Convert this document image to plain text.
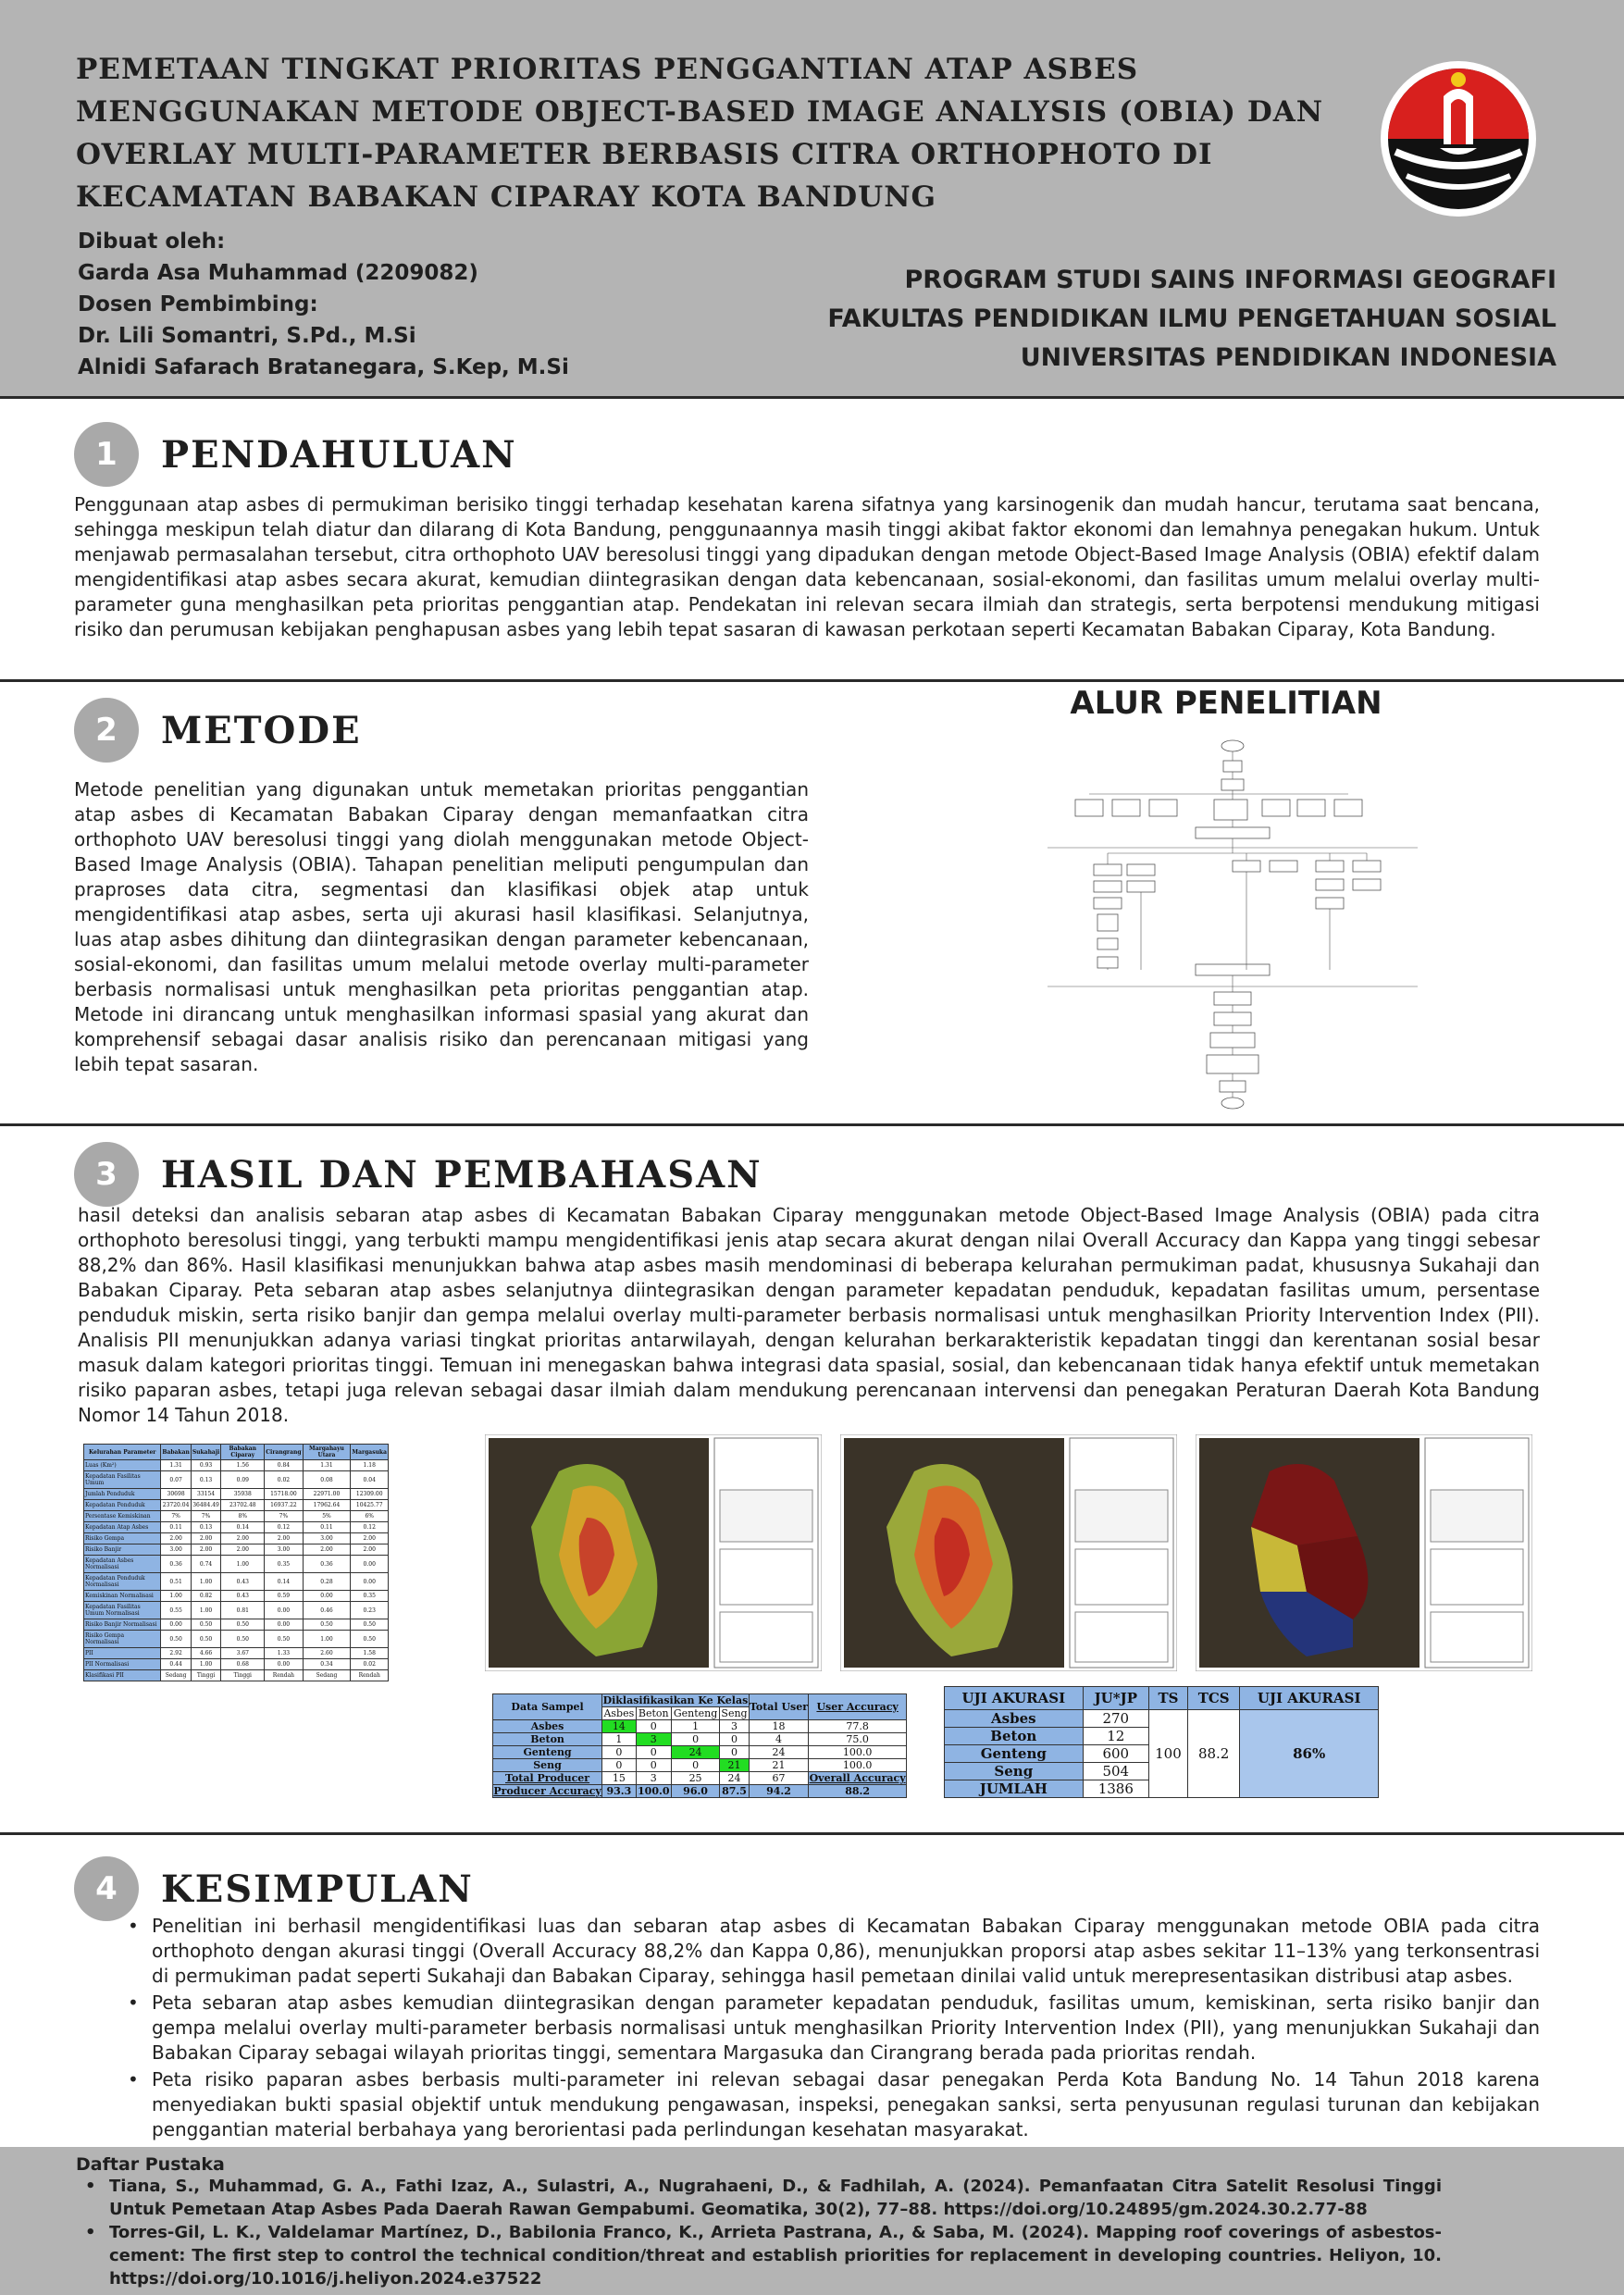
PEMETAAN TINGKAT PRIORITAS PENGGANTIAN ATAP ASBES MENGGUNAKAN METODE OBJECT-BASED IMAGE ANALYSIS (OBIA) DAN OVERLAY MULTI-PARAMETER BERBASIS CITRA ORTHOPHOTO DI KECAMATAN BABAKAN CIPARAY KOTA BANDUNG
Dibuat oleh:
Garda Asa Muhammad (2209082)
Dosen Pembimbing:
Dr. Lili Somantri, S.Pd., M.Si
Alnidi Safarach Bratanegara, S.Kep, M.Si
PROGRAM STUDI SAINS INFORMASI GEOGRAFI
FAKULTAS PENDIDIKAN ILMU PENGETAHUAN SOSIAL
UNIVERSITAS PENDIDIKAN INDONESIA
1	PENDAHULUAN

Penggunaan atap asbes di permukiman berisiko tinggi terhadap kesehatan karena sifatnya yang karsinogenik dan mudah hancur, terutama saat bencana, sehingga meskipun telah diatur dan dilarang di Kota Bandung, penggunaannya masih tinggi akibat faktor ekonomi dan lemahnya penegakan hukum. Untuk menjawab permasalahan tersebut, citra orthophoto UAV beresolusi tinggi yang dipadukan dengan metode Object-Based Image Analysis (OBIA) efektif dalam mengidentifikasi atap asbes secara akurat, kemudian diintegrasikan dengan data kebencanaan, sosial-ekonomi, dan fasilitas umum melalui overlay multi-parameter guna menghasilkan peta prioritas penggantian atap. Pendekatan ini relevan secara ilmiah dan strategis, serta berpotensi mendukung mitigasi risiko dan perumusan kebijakan penghapusan asbes yang lebih tepat sasaran di kawasan perkotaan seperti Kecamatan Babakan Ciparay, Kota Bandung.

2	METODE

Metode penelitian yang digunakan untuk memetakan prioritas penggantian atap asbes di Kecamatan Babakan Ciparay dengan memanfaatkan citra orthophoto UAV beresolusi tinggi yang diolah menggunakan metode Object-Based Image Analysis (OBIA). Tahapan penelitian meliputi pengumpulan dan praproses data citra, segmentasi dan klasifikasi objek atap untuk mengidentifikasi atap asbes, serta uji akurasi hasil klasifikasi. Selanjutnya, luas atap asbes dihitung dan diintegrasikan dengan parameter kebencanaan, sosial-ekonomi, dan fasilitas umum melalui metode overlay multi-parameter berbasis normalisasi untuk menghasilkan peta prioritas penggantian atap. Metode ini dirancang untuk menghasilkan informasi spasial yang akurat dan komprehensif sebagai dasar analisis risiko dan perencanaan mitigasi yang lebih tepat sasaran.

ALUR PENELITIAN
3	HASIL DAN PEMBAHASAN

hasil deteksi dan analisis sebaran atap asbes di Kecamatan Babakan Ciparay menggunakan metode Object-Based Image Analysis (OBIA) pada citra orthophoto beresolusi tinggi, yang terbukti mampu mengidentifikasi jenis atap secara akurat dengan nilai Overall Accuracy dan Kappa yang tinggi sebesar 88,2% dan 86%. Hasil klasifikasi menunjukkan bahwa atap asbes masih mendominasi di beberapa kelurahan permukiman padat, khususnya Sukahaji dan Babakan Ciparay. Peta sebaran atap asbes selanjutnya diintegrasikan dengan parameter kepadatan penduduk, kepadatan fasilitas umum, persentase penduduk miskin, serta risiko banjir dan gempa melalui overlay multi-parameter berbasis normalisasi untuk menghasilkan Priority Intervention Index (PII). Analisis PII menunjukkan adanya variasi tingkat prioritas antarwilayah, dengan kelurahan berkarakteristik kepadatan tinggi dan kerentanan sosial besar masuk dalam kategori prioritas tinggi. Temuan ini menegaskan bahwa integrasi data spasial, sosial, dan kebencanaan tidak hanya efektif untuk memetakan risiko paparan asbes, tetapi juga relevan sebagai dasar ilmiah dalam mendukung perencanaan intervensi dan penegakan Peraturan Daerah Kota Bandung Nomor 14 Tahun 2018.

Kelurahan Parameter	Babakan	Sukahaji	Babakan Ciparay	Cirangrang	Margahayu Utara	Margasuka
Luas (Km²)	1.31	0.93	1.56	0.84	1.31	1.18
Kepadatan Fasilitas Umum	0.07	0.13	0.09	0.02	0.08	0.04
Jumlah Penduduk	30698	33154	35938	15718.00	22971.00	12309.00
Kepadatan Penduduk	23720.04	36484.49	23702.48	16937.22	17962.64	10425.77
Persentase Kemiskinan	7%	7%	8%	7%	5%	6%
Kepadatan Atap Asbes	0.11	0.13	0.14	0.12	0.11	0.12
Risiko Gempa	2.00	2.00	2.00	2.00	3.00	2.00
Risiko Banjir	3.00	2.00	2.00	3.00	2.00	2.00
Kepadatan Asbes Normalisasi	0.36	0.74	1.00	0.35	0.36	0.00
Kepadatan Penduduk Normalisasi	0.51	1.00	0.43	0.14	0.28	0.00
Kemiskinan Normalisasi	1.00	0.82	0.43	0.59	0.00	0.35
Kepadatan Fasilitas Umum Normalisasi	0.55	1.00	0.81	0.00	0.46	0.23
Risiko Banjir Normalisasi	0.00	0.50	0.50	0.00	0.50	0.50
Risiko Gempa Normalisasi	0.50	0.50	0.50	0.50	1.00	0.50
PII	2.92	4.66	3.67	1.33	2.60	1.58
PII Normalisasi	0.44	1.00	0.68	0.00	0.34	0.02
Klasifikasi PII	Sedang	Tinggi	Tinggi	Rendah	Sedang	Rendah
Data Sampel	Diklasifikasikan Ke Kelas				Total User	User Accuracy
	Asbes	Beton	Genteng	Seng		
Asbes	14	0	1	3	18	77.8
Beton	1	3	0	0	4	75.0
Genteng	0	0	24	0	24	100.0
Seng	0	0	0	21	21	100.0
Total Producer	15	3	25	24	67	Overall Accuracy
Producer Accuracy	93.3	100.0	96.0	87.5	94.2	88.2
UJI AKURASI	JU*JP	TS	TCS	UJI AKURASI
Asbes	270	100	88.2	86%
Beton	12			
Genteng	600			
Seng	504			
JUMLAH	1386			
4	KESIMPULAN
• Penelitian ini berhasil mengidentifikasi luas dan sebaran atap asbes di Kecamatan Babakan Ciparay menggunakan metode OBIA pada citra orthophoto dengan akurasi tinggi (Overall Accuracy 88,2% dan Kappa 0,86), menunjukkan proporsi atap asbes sekitar 11–13% yang terkonsentrasi di permukiman padat seperti Sukahaji dan Babakan Ciparay, sehingga hasil pemetaan dinilai valid untuk merepresentasikan distribusi atap asbes.
• Peta sebaran atap asbes kemudian diintegrasikan dengan parameter kepadatan penduduk, fasilitas umum, kemiskinan, serta risiko banjir dan gempa melalui overlay multi-parameter berbasis normalisasi untuk menghasilkan Priority Intervention Index (PII), yang menunjukkan Sukahaji dan Babakan Ciparay sebagai wilayah prioritas tinggi, sementara Margasuka dan Cirangrang berada pada prioritas rendah.
• Peta risiko paparan asbes berbasis multi-parameter ini relevan sebagai dasar penegakan Perda Kota Bandung No. 14 Tahun 2018 karena menyediakan bukti spasial objektif untuk mendukung pengawasan, inspeksi, penegakan sanksi, serta penyusunan regulasi turunan dan kebijakan penggantian material berbahaya yang berorientasi pada perlindungan kesehatan masyarakat.
Daftar Pustaka
• Tiana, S., Muhammad, G. A., Fathi Izaz, A., Sulastri, A., Nugrahaeni, D., & Fadhilah, A. (2024). Pemanfaatan Citra Satelit Resolusi Tinggi Untuk Pemetaan Atap Asbes Pada Daerah Rawan Gempabumi. Geomatika, 30(2), 77–88. https://doi.org/10.24895/gm.2024.30.2.77-88
• Torres-Gil, L. K., Valdelamar Martínez, D., Babilonia Franco, K., Arrieta Pastrana, A., & Saba, M. (2024). Mapping roof coverings of asbestos-cement: The first step to control the technical condition/threat and establish priorities for replacement in developing countries. Heliyon, 10. https://doi.org/10.1016/j.heliyon.2024.e37522
